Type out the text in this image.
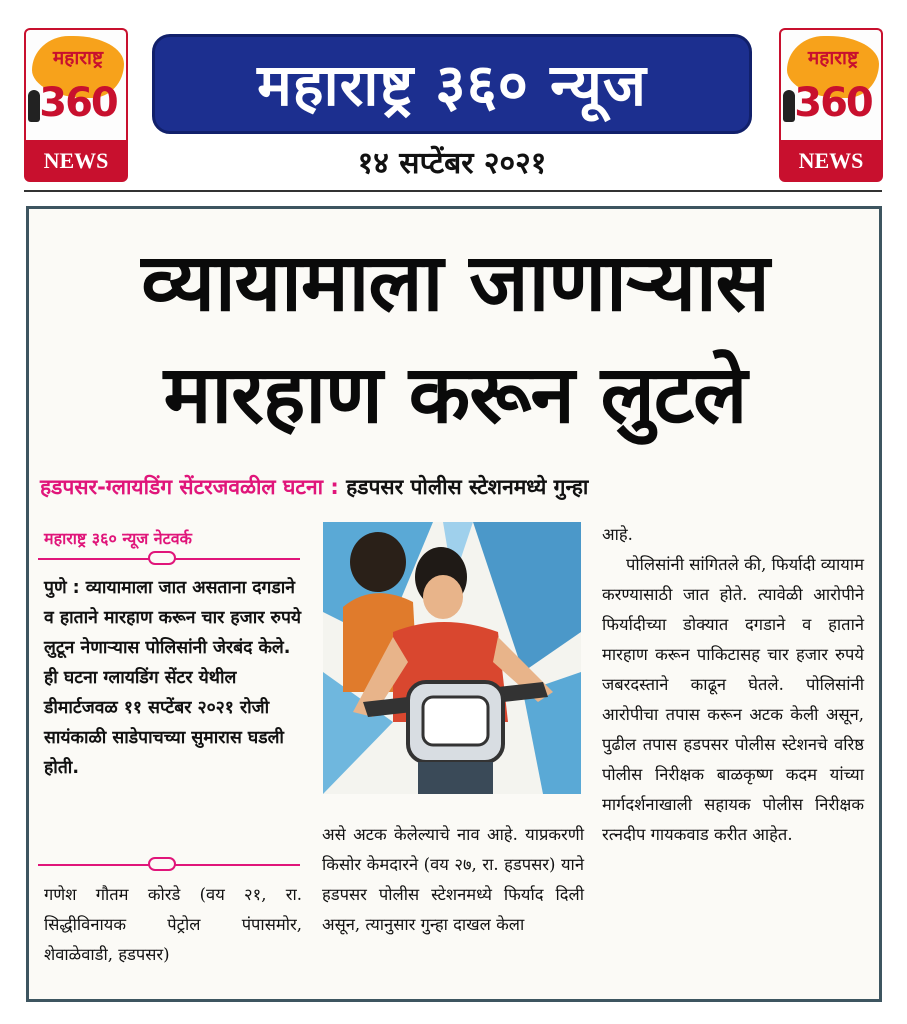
महाराष्ट्र
360
NEWS
महाराष्ट्र ३६० न्यूज
१४ सप्टेंबर २०२१
महाराष्ट्र
360
NEWS
व्यायामाला जाणाऱ्यास
मारहाण करून लुटले
हडपसर-ग्लायडिंग सेंटरजवळील घटना : हडपसर पोलीस स्टेशनमध्ये गुन्हा
महाराष्ट्र ३६० न्यूज नेटवर्क
पुणे : व्यायामाला जात असताना दगडाने व हाताने मारहाण करून चार हजार रुपये लुटून नेणाऱ्यास पोलिसांनी जेरबंद केले. ही घटना ग्लायडिंग सेंटर येथील डीमार्टजवळ ११ सप्टेंबर २०२१ रोजी सायंकाळी साडेपाचच्या सुमारास घडली होती.

गणेश गौतम कोरडे (वय २१, रा. सिद्धीविनायक पेट्रोल पंपासमोर, शेवाळेवाडी, हडपसर)

असे अटक केलेल्याचे नाव आहे. याप्रकरणी किसोर केमदारने (वय २७, रा. हडपसर) याने हडपसर पोलीस स्टेशनमध्ये फिर्याद दिली असून, त्यानुसार गुन्हा दाखल केला

आहे.

पोलिसांनी सांगितले की, फिर्यादी व्यायाम करण्यासाठी जात होते. त्यावेळी आरोपीने फिर्यादीच्या डोक्यात दगडाने व हाताने मारहाण करून पाकिटासह चार हजार रुपये जबरदस्ताने काढून घेतले. पोलिसांनी आरोपीचा तपास करून अटक केली असून, पुढील तपास हडपसर पोलीस स्टेशनचे वरिष्ठ पोलीस निरीक्षक बाळकृष्ण कदम यांच्या मार्गदर्शनाखाली सहायक पोलीस निरीक्षक रत्नदीप गायकवाड करीत आहेत.
